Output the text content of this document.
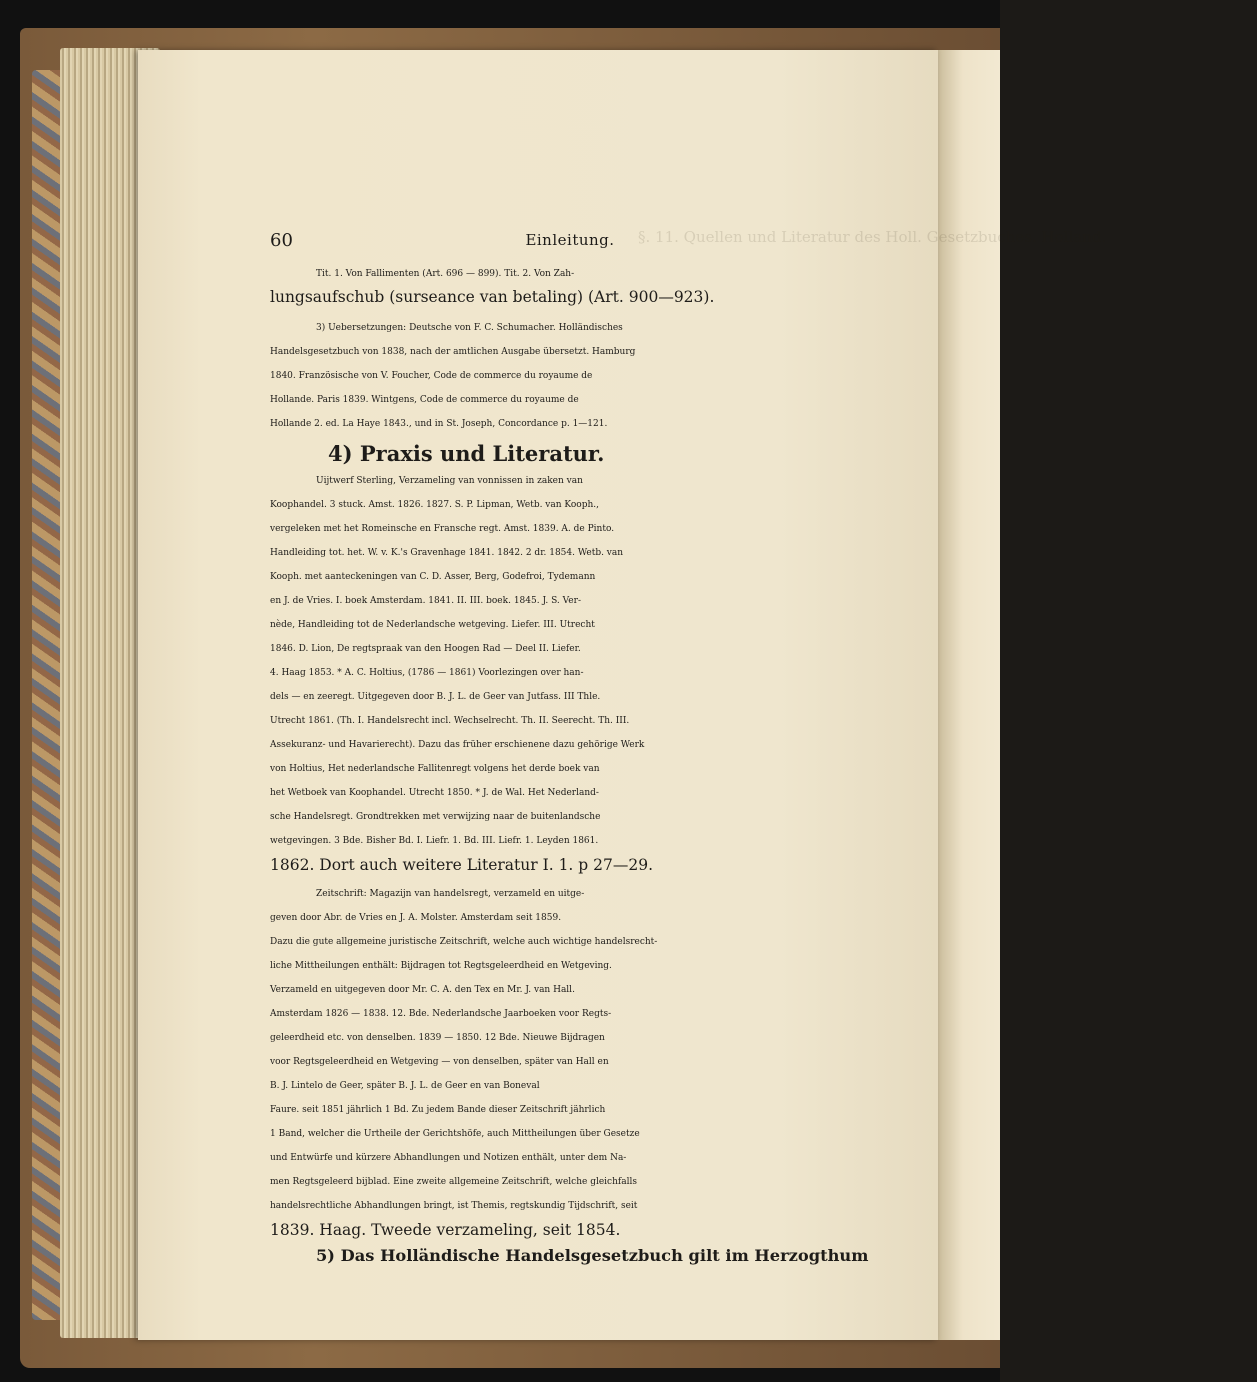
§. 11. Quellen und Literatur des Holl. Gesetzbuches. Holland.
60	Einleitung.
Tit. 1. Von Fallimenten (Art. 696 — 899). Tit. 2. Von Zah-
lungsaufschub (surseance van betaling) (Art. 900—923).
3) Uebersetzungen: Deutsche von F. C. Schumacher. Holländisches
Handelsgesetzbuch von 1838, nach der amtlichen Ausgabe übersetzt. Hamburg
1840. Französische von V. Foucher, Code de commerce du royaume de
Hollande. Paris 1839. Wintgens, Code de commerce du royaume de
Hollande 2. ed. La Haye 1843., und in St. Joseph, Concordance p. 1—121.
4) Praxis und Literatur.
Uijtwerf Sterling, Verzameling van vonnissen in zaken van
Koophandel. 3 stuck. Amst. 1826. 1827. S. P. Lipman, Wetb. van Kooph.,
vergeleken met het Romeinsche en Fransche regt. Amst. 1839. A. de Pinto.
Handleiding tot. het. W. v. K.'s Gravenhage 1841. 1842. 2 dr. 1854. Wetb. van
Kooph. met aanteckeningen van C. D. Asser, Berg, Godefroi, Tydemann
en J. de Vries. I. boek Amsterdam. 1841. II. III. boek. 1845. J. S. Ver-
nède, Handleiding tot de Nederlandsche wetgeving. Liefer. III. Utrecht
1846. D. Lion, De regtspraak van den Hoogen Rad — Deel II. Liefer.
4. Haag 1853. * A. C. Holtius, (1786 — 1861) Voorlezingen over han-
dels — en zeeregt. Uitgegeven door B. J. L. de Geer van Jutfass. III Thle.
Utrecht 1861. (Th. I. Handelsrecht incl. Wechselrecht. Th. II. Seerecht. Th. III.
Assekuranz- und Havarierecht). Dazu das früher erschienene dazu gehörige Werk
von Holtius, Het nederlandsche Fallitenregt volgens het derde boek van
het Wetboek van Koophandel. Utrecht 1850. * J. de Wal. Het Nederland-
sche Handelsregt. Grondtrekken met verwijzing naar de buitenlandsche
wetgevingen. 3 Bde. Bisher Bd. I. Liefr. 1. Bd. III. Liefr. 1. Leyden 1861.
1862. Dort auch weitere Literatur I. 1. p 27—29.
Zeitschrift: Magazijn van handelsregt, verzameld en uitge-
geven door Abr. de Vries en J. A. Molster. Amsterdam seit 1859.
Dazu die gute allgemeine juristische Zeitschrift, welche auch wichtige handelsrecht-
liche Mittheilungen enthält: Bijdragen tot Regtsgeleerdheid en Wetgeving.
Verzameld en uitgegeven door Mr. C. A. den Tex en Mr. J. van Hall.
Amsterdam 1826 — 1838. 12. Bde. Nederlandsche Jaarboeken voor Regts-
geleerdheid etc. von denselben. 1839 — 1850. 12 Bde. Nieuwe Bijdragen
voor Regtsgeleerdheid en Wetgeving — von denselben, später van Hall en
B. J. Lintelo de Geer, später B. J. L. de Geer en van Boneval
Faure. seit 1851 jährlich 1 Bd. Zu jedem Bande dieser Zeitschrift jährlich
1 Band, welcher die Urtheile der Gerichtshöfe, auch Mittheilungen über Gesetze
und Entwürfe und kürzere Abhandlungen und Notizen enthält, unter dem Na-
men Regtsgeleerd bijblad. Eine zweite allgemeine Zeitschrift, welche gleichfalls
handelsrechtliche Abhandlungen bringt, ist Themis, regtskundig Tijdschrift, seit
1839. Haag. Tweede verzameling, seit 1854.
5) Das Holländische Handelsgesetzbuch gilt im Herzogthum
